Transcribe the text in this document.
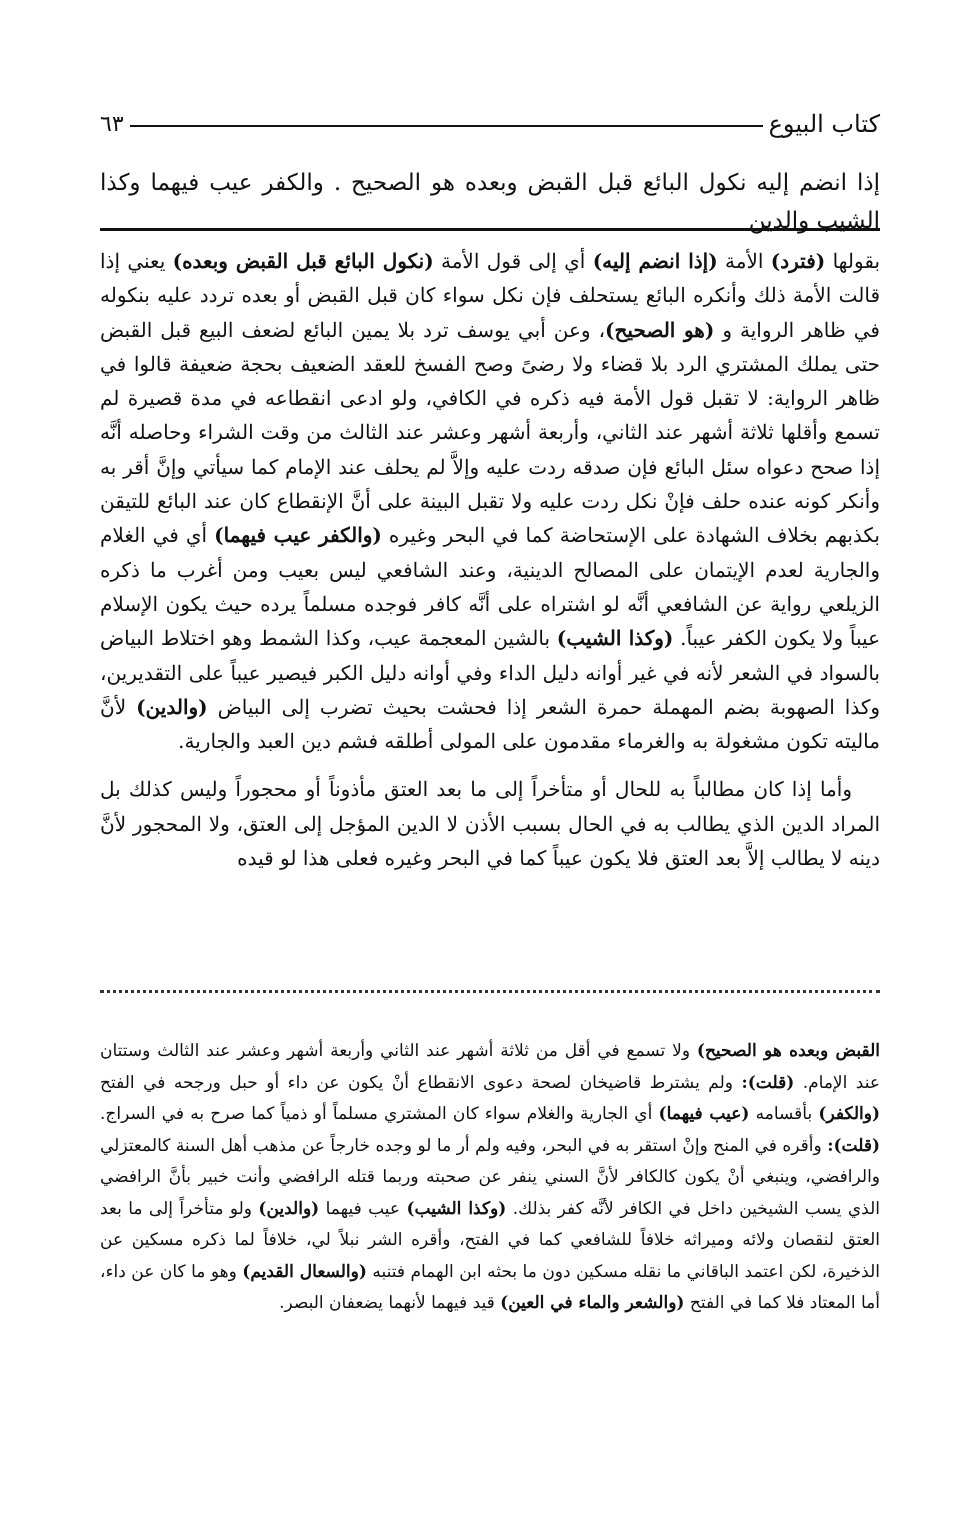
كتاب البيوع
٦٣
إذا انضم إليه نكول البائع قبل القبض وبعده هو الصحيح . والكفر عيب فيهما وكذا الشيب والدين

بقولها (فترد) الأمة (إذا انضم إليه) أي إلى قول الأمة (نكول البائع قبل القبض وبعده) يعني إذا قالت الأمة ذلك وأنكره البائع يستحلف فإن نكل سواء كان قبل القبض أو بعده تردد عليه بنكوله في ظاهر الرواية و (هو الصحيح)، وعن أبي يوسف ترد بلا يمين البائع لضعف البيع قبل القبض حتى يملك المشتري الرد بلا قضاء ولا رضىً وصح الفسخ للعقد الضعيف بحجة ضعيفة قالوا في ظاهر الرواية: لا تقبل قول الأمة فيه ذكره في الكافي، ولو ادعى انقطاعه في مدة قصيرة لم تسمع وأقلها ثلاثة أشهر عند الثاني، وأربعة أشهر وعشر عند الثالث من وقت الشراء وحاصله أنَّه إذا صحح دعواه سئل البائع فإن صدقه ردت عليه وإلاَّ لم يحلف عند الإمام كما سيأتي وإنَّ أقر به وأنكر كونه عنده حلف فإنْ نكل ردت عليه ولا تقبل البينة على أنَّ الإنقطاع كان عند البائع للتيقن بكذبهم بخلاف الشهادة على الإستحاضة كما في البحر وغيره (والكفر عيب فيهما) أي في الغلام والجارية لعدم الإيتمان على المصالح الدينية، وعند الشافعي ليس بعيب ومن أغرب ما ذكره الزيلعي رواية عن الشافعي أنَّه لو اشتراه على أنَّه كافر فوجده مسلماً يرده حيث يكون الإسلام عيباً ولا يكون الكفر عيباً. (وكذا الشيب) بالشين المعجمة عيب، وكذا الشمط وهو اختلاط البياض بالسواد في الشعر لأنه في غير أوانه دليل الداء وفي أوانه دليل الكبر فيصير عيباً على التقديرين، وكذا الصهوبة بضم المهملة حمرة الشعر إذا فحشت بحيث تضرب إلى البياض (والدين) لأنَّ ماليته تكون مشغولة به والغرماء مقدمون على المولى أطلقه فشم دين العبد والجارية.

وأما إذا كان مطالباً به للحال أو متأخراً إلى ما بعد العتق مأذوناً أو محجوراً وليس كذلك بل المراد الدين الذي يطالب به في الحال بسبب الأذن لا الدين المؤجل إلى العتق، ولا المحجور لأنَّ دينه لا يطالب إلاَّ بعد العتق فلا يكون عيباً كما في البحر وغيره فعلى هذا لو قيده

القبض وبعده هو الصحيح) ولا تسمع في أقل من ثلاثة أشهر عند الثاني وأربعة أشهر وعشر عند الثالث وستتان عند الإمام. (قلت): ولم يشترط قاضيخان لصحة دعوى الانقطاع أنْ يكون عن داء أو حبل ورجحه في الفتح (والكفر) بأقسامه (عيب فيهما) أي الجارية والغلام سواء كان المشتري مسلماً أو ذمياً كما صرح به في السراج. (قلت): وأقره في المنح وإنْ استقر به في البحر، وفيه ولم أر ما لو وجده خارجاً عن مذهب أهل السنة كالمعتزلي والرافضي، وينبغي أنْ يكون كالكافر لأنَّ السني ينفر عن صحبته وربما قتله الرافضي وأنت خبير بأنَّ الرافضي الذي يسب الشيخين داخل في الكافر لأنَّه كفر بذلك. (وكذا الشيب) عيب فيهما (والدين) ولو متأخراً إلى ما بعد العتق لنقصان ولائه وميراثه خلافاً للشافعي كما في الفتح، وأقره الشر نبلاً لي، خلافاً لما ذكره مسكين عن الذخيرة، لكن اعتمد الباقاني ما نقله مسكين دون ما بحثه ابن الهمام فتنبه (والسعال القديم) وهو ما كان عن داء، أما المعتاد فلا كما في الفتح (والشعر والماء في العين) قيد فيهما لأنهما يضعفان البصر.
